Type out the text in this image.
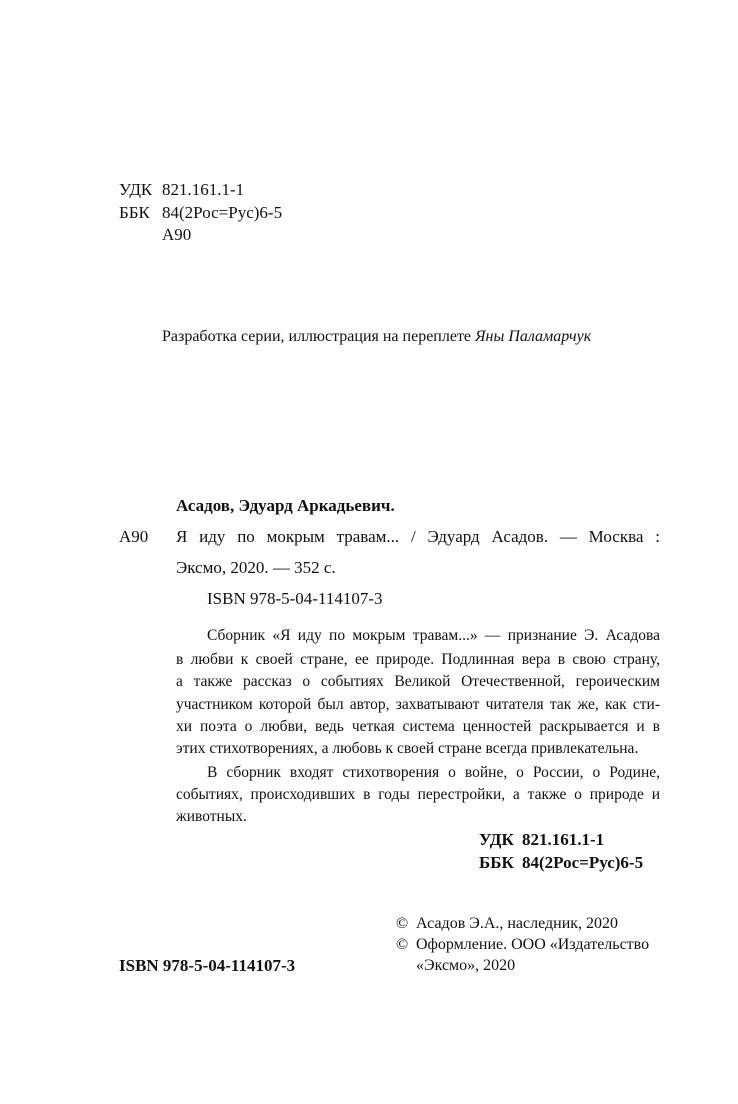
УДК 821.161.1-1
ББК 84(2Рос=Рус)6-5
А90
Разработка серии, иллюстрация на переплете Яны Паламарчук
Асадов, Эдуард Аркадьевич.
А90 Я иду по мокрым травам... / Эдуард Асадов. — Москва :
Эксмо, 2020. — 352 с.
ISBN 978-5-04-114107-3
Сборник «Я иду по мокрым травам...» — признание Э. Асадова
в любви к своей стране, ее природе. Подлинная вера в свою страну,
а также рассказ о событиях Великой Отечественной, героическим
участником которой был автор, захватывают читателя так же, как сти-
хи поэта о любви, ведь четкая система ценностей раскрывается и в
этих стихотворениях, а любовь к своей стране всегда привлекательна.
В сборник входят стихотворения о войне, о России, о Родине,
событиях, происходивших в годы перестройки, а также о природе и
животных.
УДК 821.161.1-1
ББК 84(2Рос=Рус)6-5
© Асадов Э.А., наследник, 2020
© Оформление. ООО «Издательство
«Эксмо», 2020
ISBN 978-5-04-114107-3
